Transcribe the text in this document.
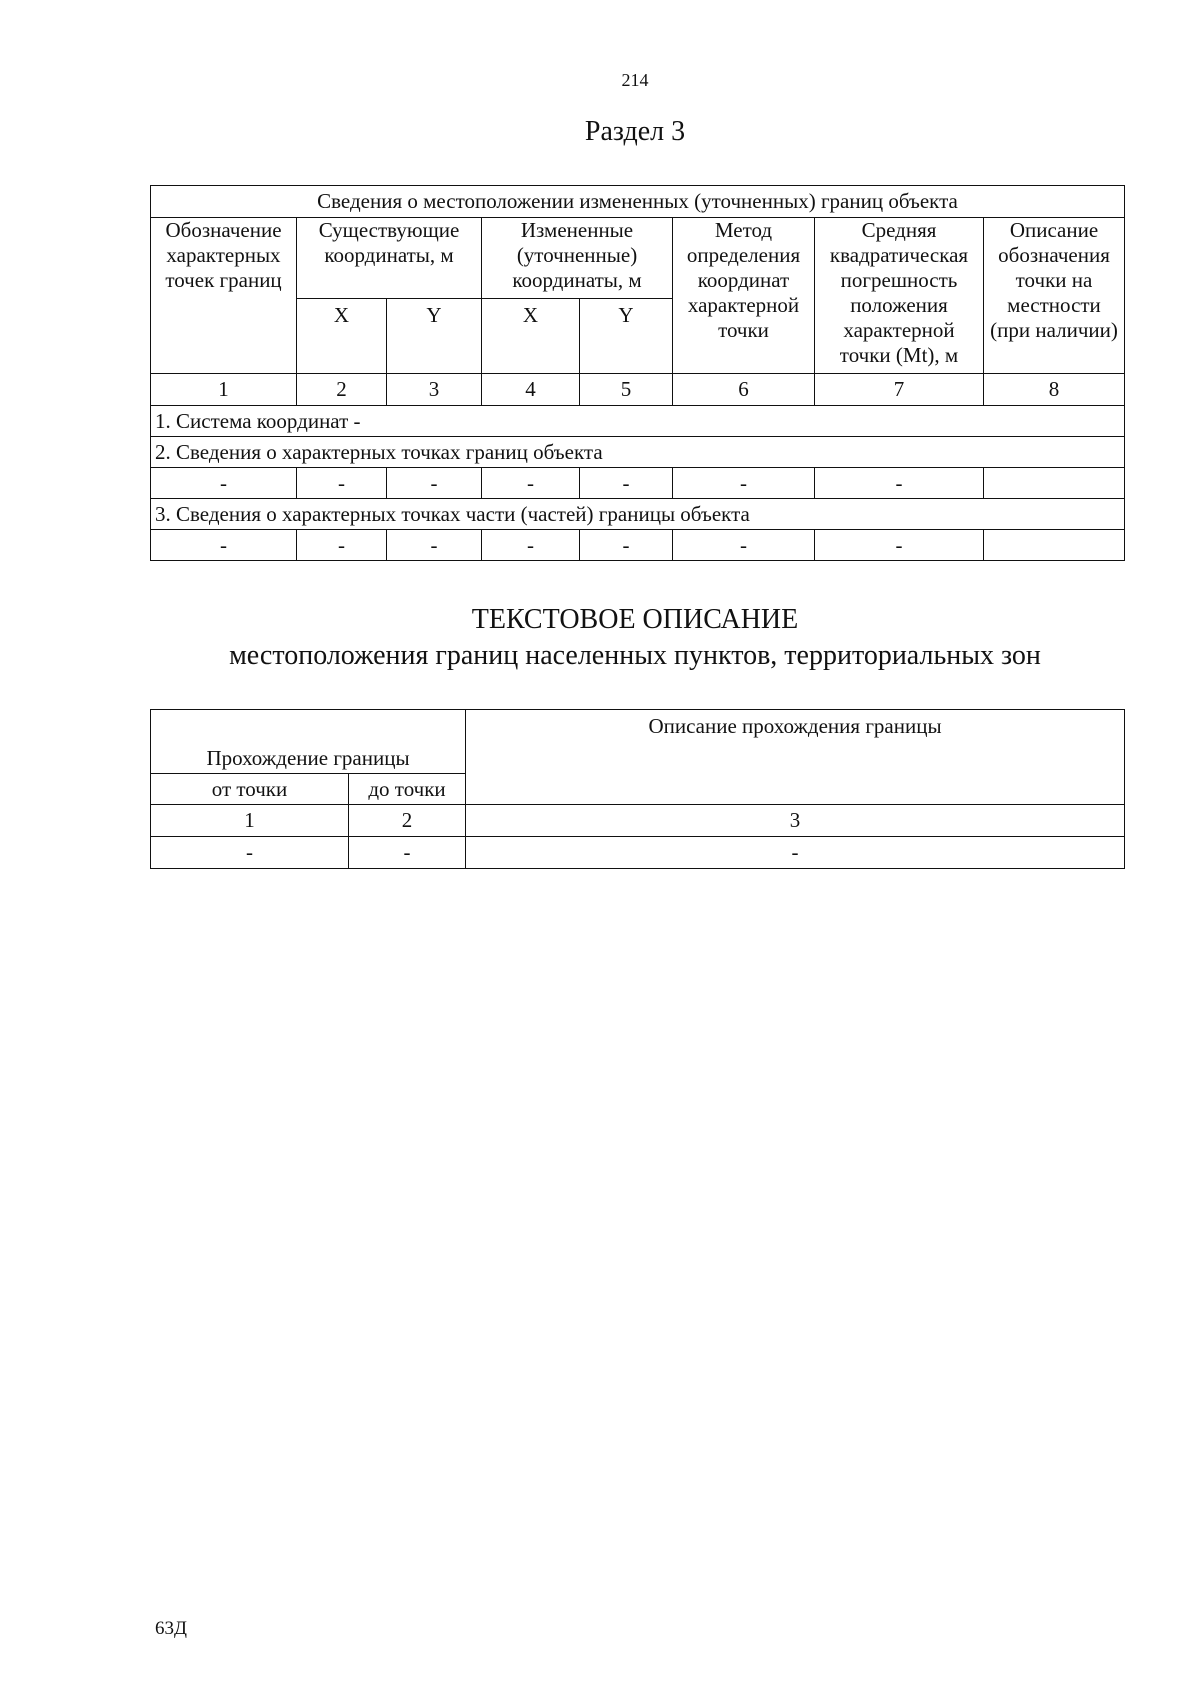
214
Раздел 3
Сведения о местоположении измененных (уточненных) границ объекта							
Обозначение характерных точек границ	Существующие координаты, м		Измененные (уточненные) координаты, м		Метод определения координат характерной точки	Средняя квадратическая погрешность положения характерной точки (Mt), м	Описание обозначения точки на местности (при наличии)
	X	Y	X	Y			
1	2	3	4	5	6	7	8
1. Система координат -							
2. Сведения о характерных точках границ объекта							
-	-	-	-	-	-	-	
3. Сведения о характерных точках части (частей) границы объекта							
-	-	-	-	-	-	-	
ТЕКСТОВОЕ ОПИСАНИЕ
местоположения границ населенных пунктов, территориальных зон
Прохождение границы		Описание прохождения границы
от точки	до точки	
1	2	3
-	-	-
63Д
